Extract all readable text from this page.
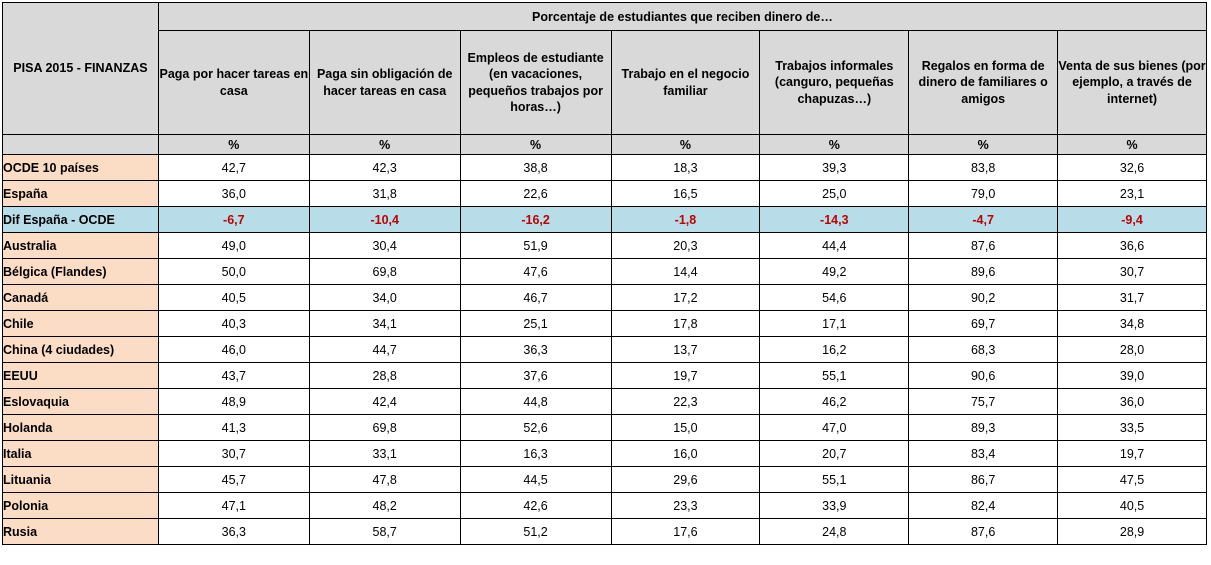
PISA 2015 - FINANZAS	Porcentaje de estudiantes que reciben dinero de…						
	Paga por hacer tareas en casa	Paga sin obligación de hacer tareas en casa	Empleos de estudiante (en vacaciones, pequeños trabajos por horas…)	Trabajo en el negocio familiar	Trabajos informales (canguro, pequeñas chapuzas…)	Regalos en forma de dinero de familiares o amigos	Venta de sus bienes (por ejemplo, a través de internet)
	%	%	%	%	%	%	%
OCDE 10 países	42,7	42,3	38,8	18,3	39,3	83,8	32,6
España	36,0	31,8	22,6	16,5	25,0	79,0	23,1
Dif España - OCDE	-6,7	-10,4	-16,2	-1,8	-14,3	-4,7	-9,4
Australia	49,0	30,4	51,9	20,3	44,4	87,6	36,6
Bélgica (Flandes)	50,0	69,8	47,6	14,4	49,2	89,6	30,7
Canadá	40,5	34,0	46,7	17,2	54,6	90,2	31,7
Chile	40,3	34,1	25,1	17,8	17,1	69,7	34,8
China (4 ciudades)	46,0	44,7	36,3	13,7	16,2	68,3	28,0
EEUU	43,7	28,8	37,6	19,7	55,1	90,6	39,0
Eslovaquia	48,9	42,4	44,8	22,3	46,2	75,7	36,0
Holanda	41,3	69,8	52,6	15,0	47,0	89,3	33,5
Italia	30,7	33,1	16,3	16,0	20,7	83,4	19,7
Lituania	45,7	47,8	44,5	29,6	55,1	86,7	47,5
Polonia	47,1	48,2	42,6	23,3	33,9	82,4	40,5
Rusia	36,3	58,7	51,2	17,6	24,8	87,6	28,9
